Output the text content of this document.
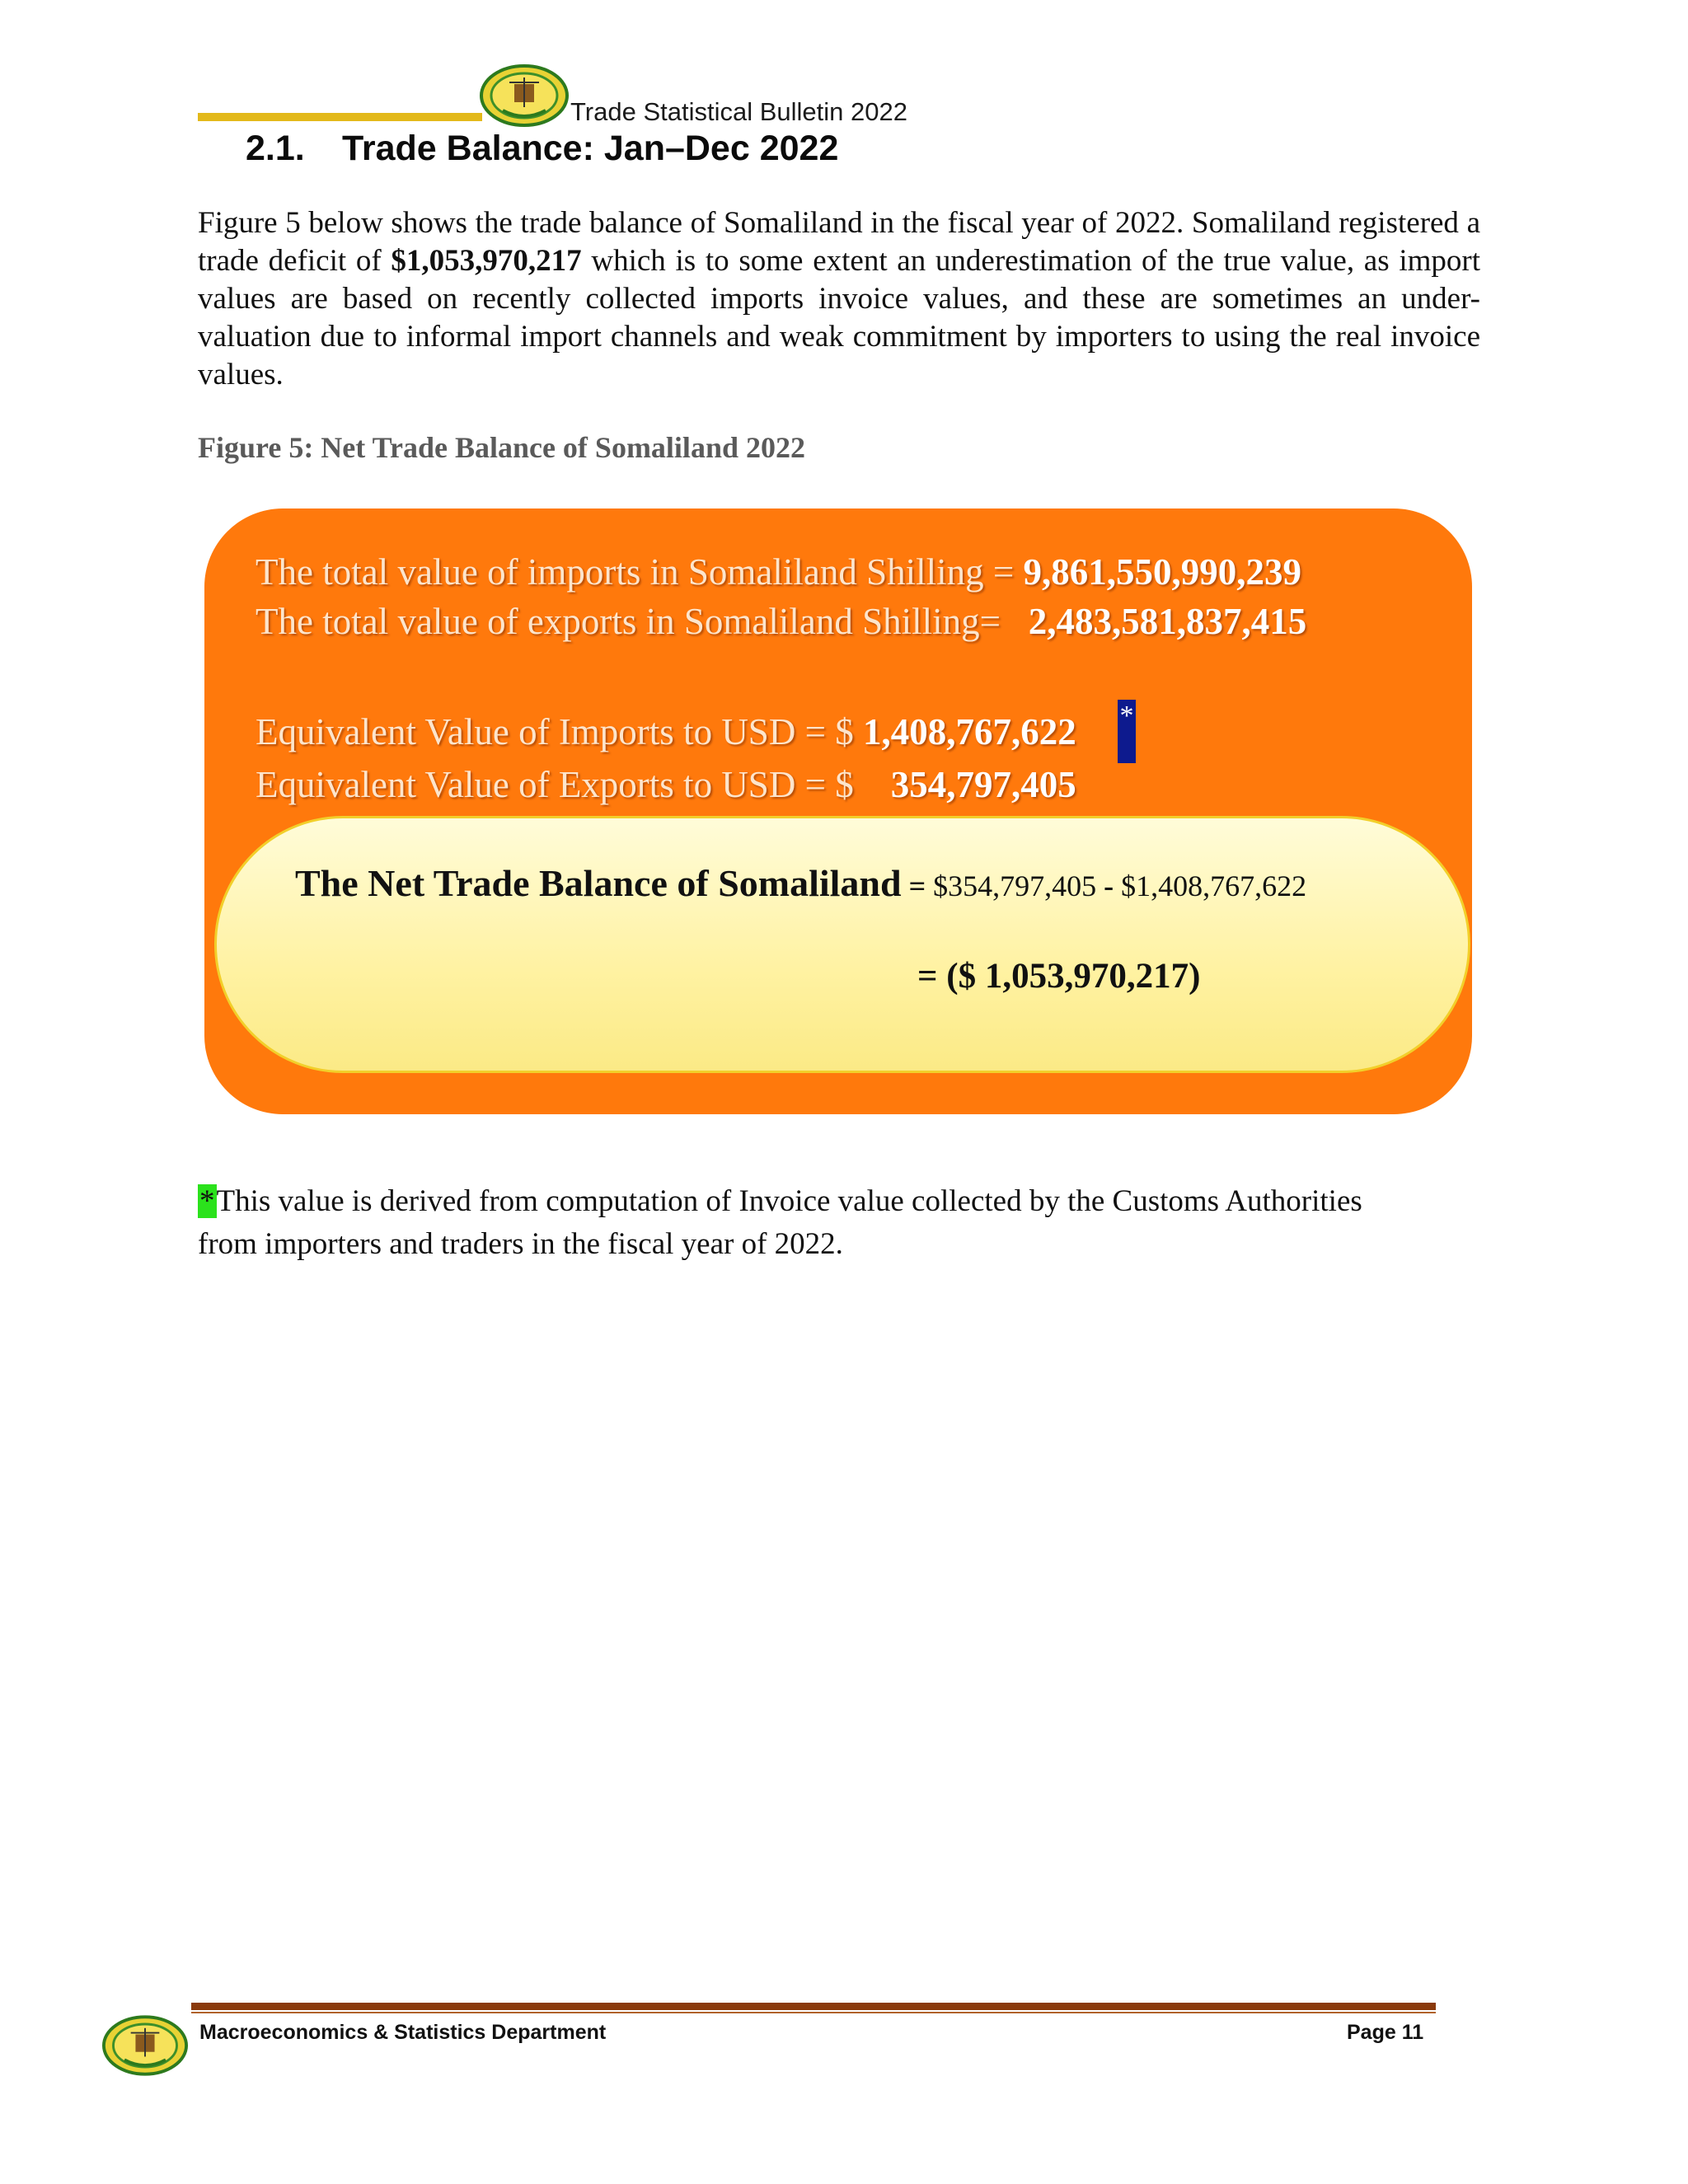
Trade Statistical Bulletin 2022
2.1. Trade Balance: Jan–Dec 2022
Figure 5 below shows the trade balance of Somaliland in the fiscal year of 2022. Somaliland registered a trade deficit of $1,053,970,217 which is to some extent an underestimation of the true value, as import values are based on recently collected imports invoice values, and these are sometimes an under-valuation due to informal import channels and weak commitment by importers to using the real invoice values.
Figure 5: Net Trade Balance of Somaliland 2022
The total value of imports in Somaliland Shilling = 9,861,550,990,239
The total value of exports in Somaliland Shilling=   2,483,581,837,415
Equivalent Value of Imports to USD = $ 1,408,767,622 *
Equivalent Value of Exports to USD = $    354,797,405
The Net Trade Balance of Somaliland = $354,797,405 - $1,408,767,622
= ($ 1,053,970,217)
*This value is derived from computation of Invoice value collected by the Customs Authorities from importers and traders in the fiscal year of 2022.
Macroeconomics & Statistics Department	Page 11
